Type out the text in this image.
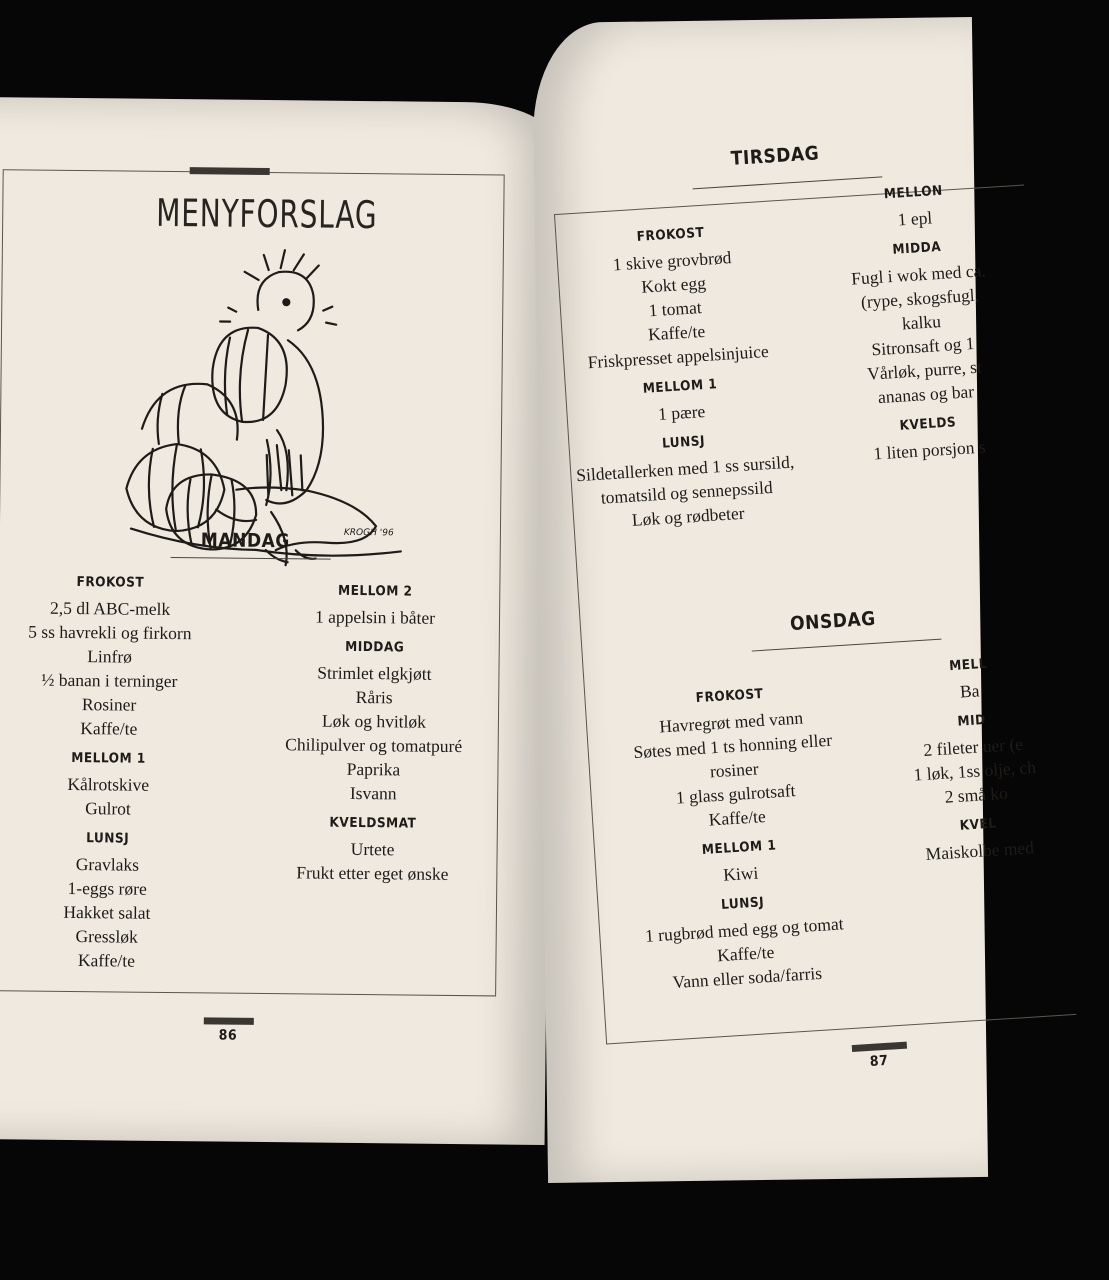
MENYFORSLAG
KROGH '96
MANDAG
FROKOST
2,5 dl ABC-melk
5 ss havrekli og firkorn
Linfrø
½ banan i terninger
Rosiner
Kaffe/te
MELLOM 1
Kålrotskive
Gulrot
LUNSJ
Gravlaks
1-eggs røre
Hakket salat
Gressløk
Kaffe/te
MELLOM 2
1 appelsin i båter
MIDDAG
Strimlet elgkjøtt
Råris
Løk og hvitløk
Chilipulver og tomatpuré
Paprika
Isvann
KVELDSMAT
Urtete
Frukt etter eget ønske
86
TIRSDAG
FROKOST
1 skive grovbrød
Kokt egg
1 tomat
Kaffe/te
Friskpresset appelsinjuice
MELLOM 1
1 pære
LUNSJ
Sildetallerken med 1 ss sursild,
tomatsild og sennepssild
Løk og rødbeter
MELLON
1 epl
MIDDA
Fugl i wok med ca.
(rype, skogsfugl,
kalku
Sitronsaft og 1
Vårløk, purre, st
ananas og bar
KVELDS
1 liten porsjon s
ONSDAG
FROKOST
Havregrøt med vann
Søtes med 1 ts honning eller
rosiner
1 glass gulrotsaft
Kaffe/te
MELLOM 1
Kiwi
LUNSJ
1 rugbrød med egg og tomat
Kaffe/te
Vann eller soda/farris
MELL
Ba
MID
2 fileter uer (e
1 løk, 1ss olje, ch
2 små ko
KVEL
Maiskolbe med
87
